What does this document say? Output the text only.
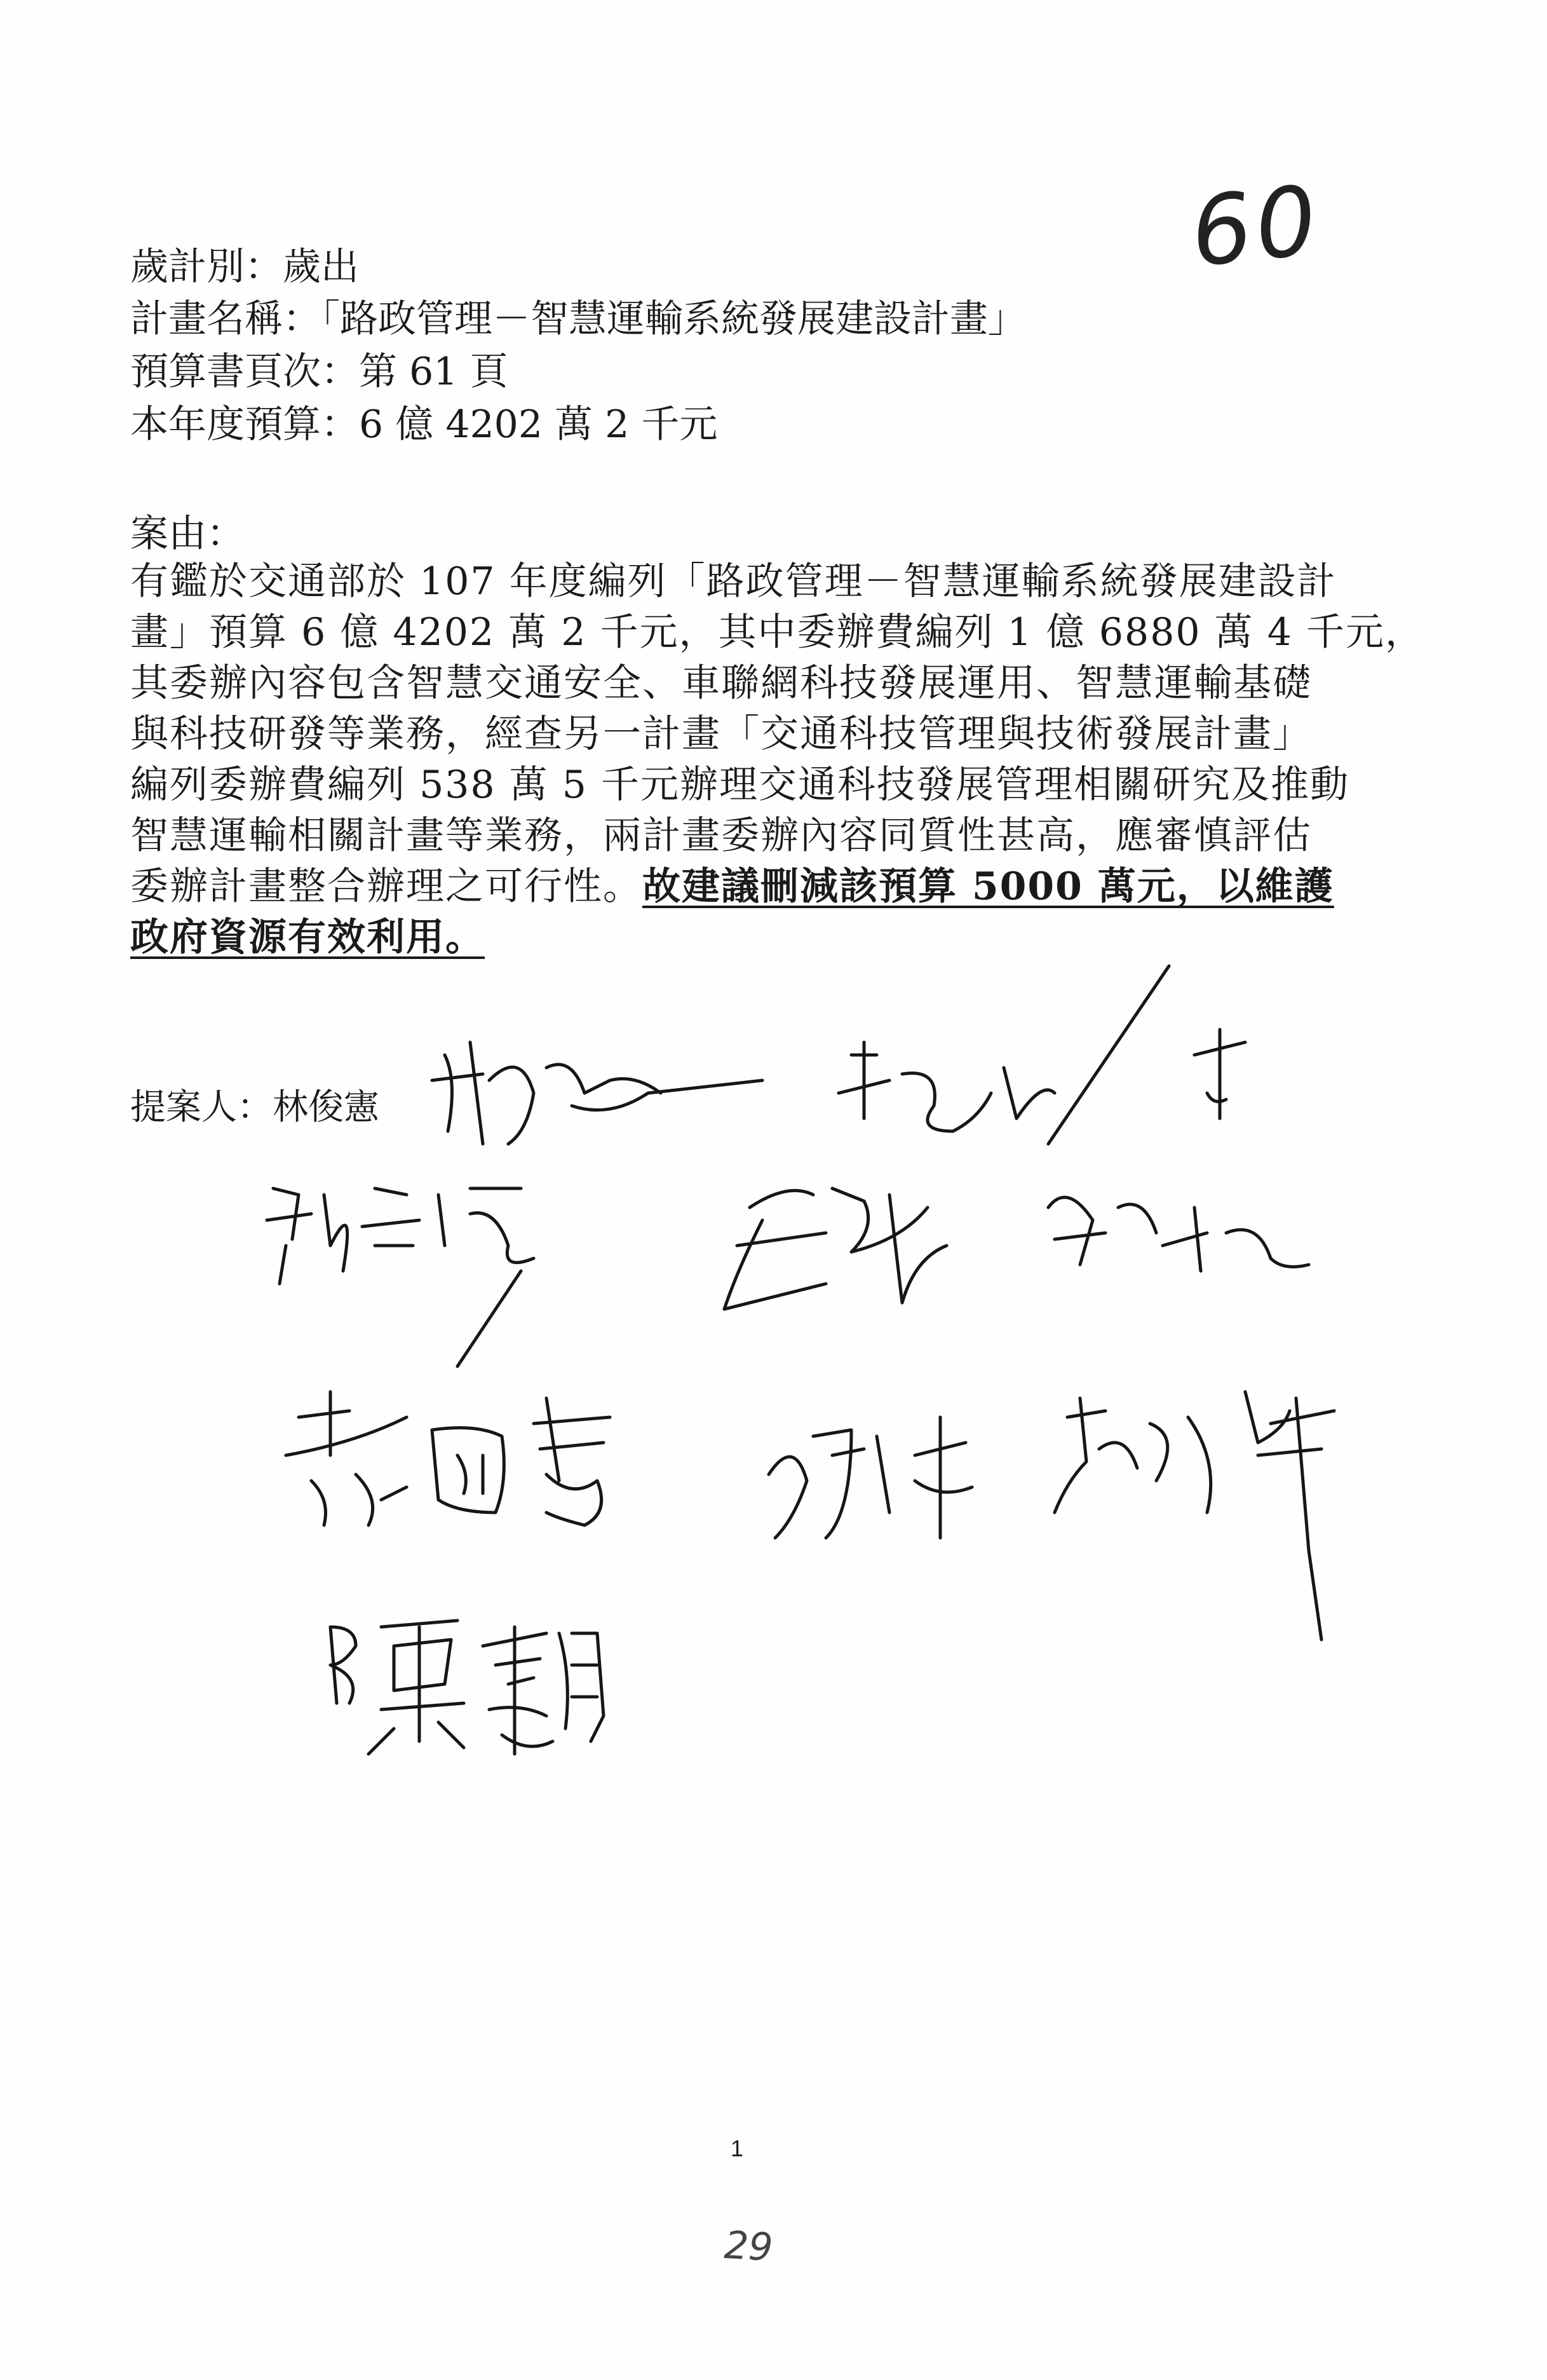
60
歲計別：歲出
計畫名稱：「路政管理－智慧運輸系統發展建設計畫」
預算書頁次：第 61 頁
本年度預算：6 億 4202 萬 2 千元
案由：
有鑑於交通部於 107 年度編列「路政管理－智慧運輸系統發展建設計
畫」預算 6 億 4202 萬 2 千元，其中委辦費編列 1 億 6880 萬 4 千元，
其委辦內容包含智慧交通安全、車聯網科技發展運用、智慧運輸基礎
與科技研發等業務，經查另一計畫「交通科技管理與技術發展計畫」
編列委辦費編列 538 萬 5 千元辦理交通科技發展管理相關研究及推動
智慧運輸相關計畫等業務，兩計畫委辦內容同質性甚高，應審慎評估
委辦計畫整合辦理之可行性。故建議刪減該預算 5000 萬元，以維護
政府資源有效利用。
提案人：林俊憲
1
29
